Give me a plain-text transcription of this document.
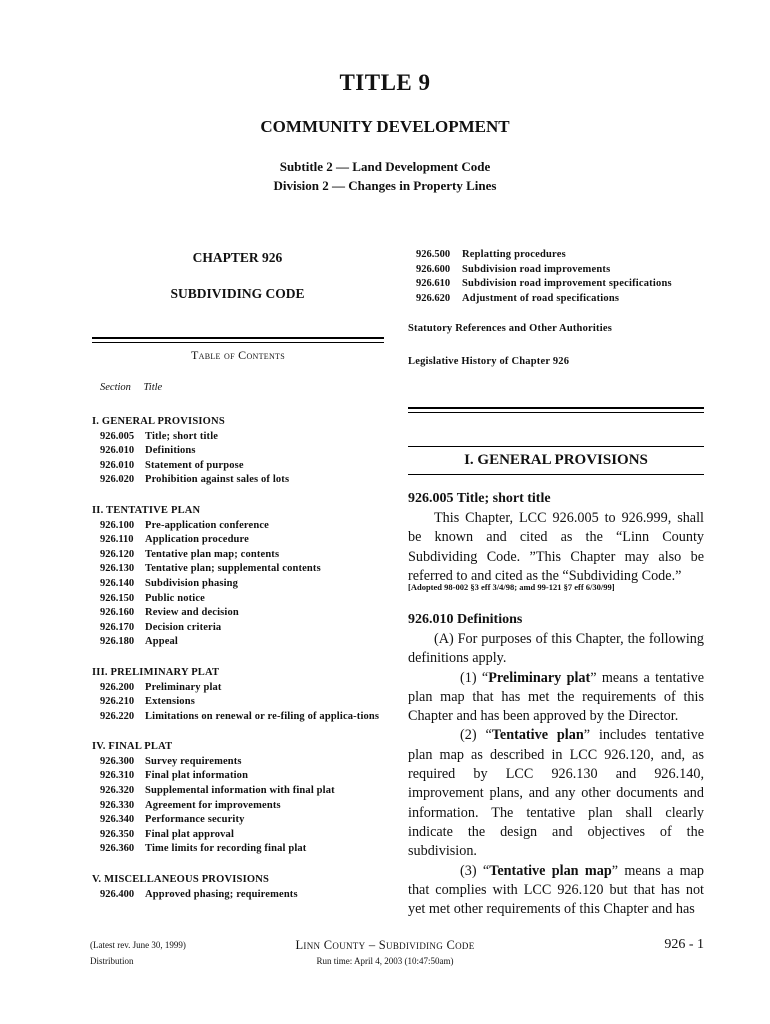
TITLE 9
COMMUNITY DEVELOPMENT
Subtitle 2 — Land Development Code
Division 2 — Changes in Property Lines
CHAPTER 926
SUBDIVIDING CODE
Table of Contents
Section Title
I. GENERAL PROVISIONS
926.005	Title; short title
926.010	Definitions
926.010	Statement of purpose
926.020	Prohibition against sales of lots
II. TENTATIVE PLAN
926.100	Pre-application conference
926.110	Application procedure
926.120	Tentative plan map; contents
926.130	Tentative plan; supplemental contents
926.140	Subdivision phasing
926.150	Public notice
926.160	Review and decision
926.170	Decision criteria
926.180	Appeal
III. PRELIMINARY PLAT
926.200	Preliminary plat
926.210	Extensions
926.220	Limitations on renewal or re-filing of applica-tions
IV. FINAL PLAT
926.300	Survey requirements
926.310	Final plat information
926.320	Supplemental information with final plat
926.330	Agreement for improvements
926.340	Performance security
926.350	Final plat approval
926.360	Time limits for recording final plat
V. MISCELLANEOUS PROVISIONS
926.400	Approved phasing; requirements
926.500	Replatting procedures
926.600	Subdivision road improvements
926.610	Subdivision road improvement specifications
926.620	Adjustment of road specifications
Statutory References and Other Authorities
Legislative History of Chapter 926
I. GENERAL PROVISIONS
926.005 Title; short title

This Chapter, LCC 926.005 to 926.999, shall be known and cited as the “Linn County Subdividing Code. ”This Chapter may also be referred to and cited as the “Subdividing Code.”

[Adopted 98-002 §3 eff 3/4/98; amd 99-121 §7 eff 6/30/99]
926.010 Definitions

(A) For purposes of this Chapter, the following definitions apply.

(1) “Preliminary plat” means a tentative plan map that has met the requirements of this Chapter and has been approved by the Director.

(2) “Tentative plan” includes tentative plan map as described in LCC 926.120, and, as required by LCC 926.130 and 926.140, improvement plans, and any other documents and information. The tentative plan shall clearly indicate the design and objectives of the subdivision.

(3) “Tentative plan map” means a map that complies with LCC 926.120 but that has not yet met other requirements of this Chapter and has

(Latest rev. June 30, 1999)
Distribution
Linn County – Subdividing Code
Run time: April 4, 2003 (10:47:50am)
926 - 1
